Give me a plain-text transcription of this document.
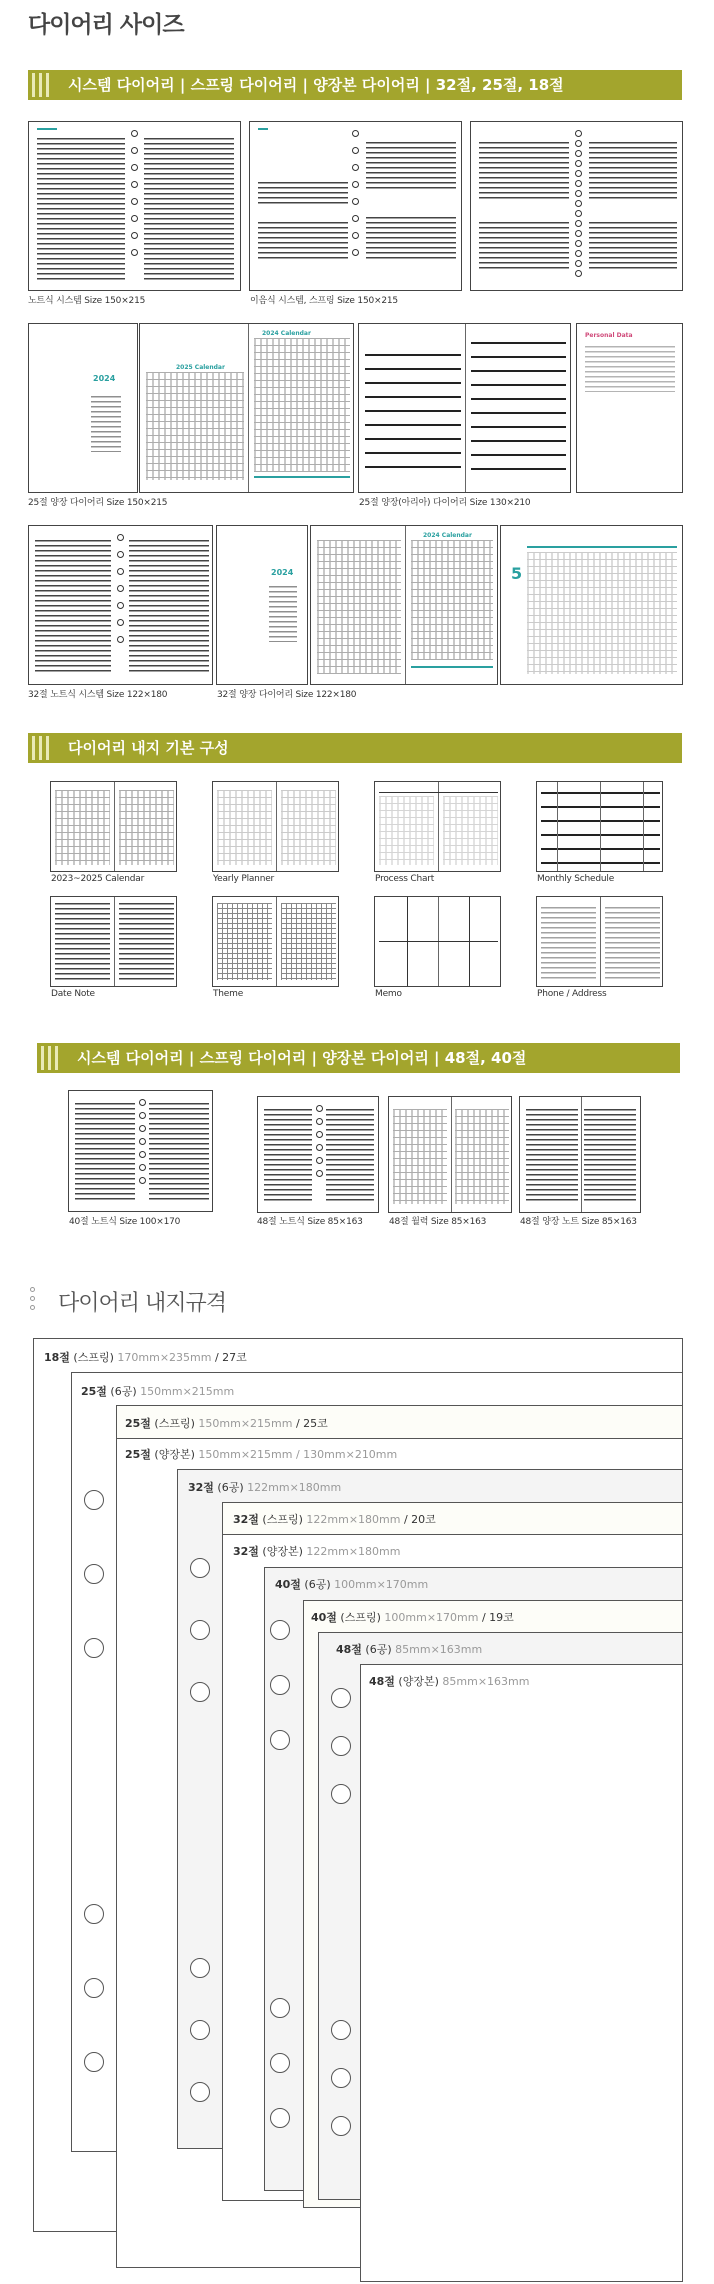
다이어리 사이즈
시스템 다이어리 | 스프링 다이어리 | 양장본 다이어리 | 32절, 25절, 18절
노트식 시스템 Size 150×215	이음식 시스템, 스프링 Size 150×215
2024
2024 Calendar
2025 Calendar
Personal Data
25절 양장 다이어리 Size 150×215	25절 양장(아리아) 다이어리 Size 130×210
2024
2024 Calendar
5
32절 노트식 시스템 Size 122×180	32절 양장 다이어리 Size 122×180
다이어리 내지 기본 구성
2023~2025 Calendar	Yearly Planner	Process Chart	Monthly Schedule
Date Note	Theme	Memo	Phone / Address
시스템 다이어리 | 스프링 다이어리 | 양장본 다이어리 | 48절, 40절
40절 노트식 Size 100×170	48절 노트식 Size 85×163	48절 월력 Size 85×163	48절 양장 노트 Size 85×163
다이어리 내지규격
18절 (스프링) 170mm×235mm / 27코
25절 (6공) 150mm×215mm
25절 (스프링) 150mm×215mm / 25코
25절 (양장본) 150mm×215mm / 130mm×210mm
32절 (6공) 122mm×180mm
32절 (스프링) 122mm×180mm / 20코
32절 (양장본) 122mm×180mm
40절 (6공) 100mm×170mm
40절 (스프링) 100mm×170mm / 19코
48절 (6공) 85mm×163mm
48절 (양장본) 85mm×163mm
